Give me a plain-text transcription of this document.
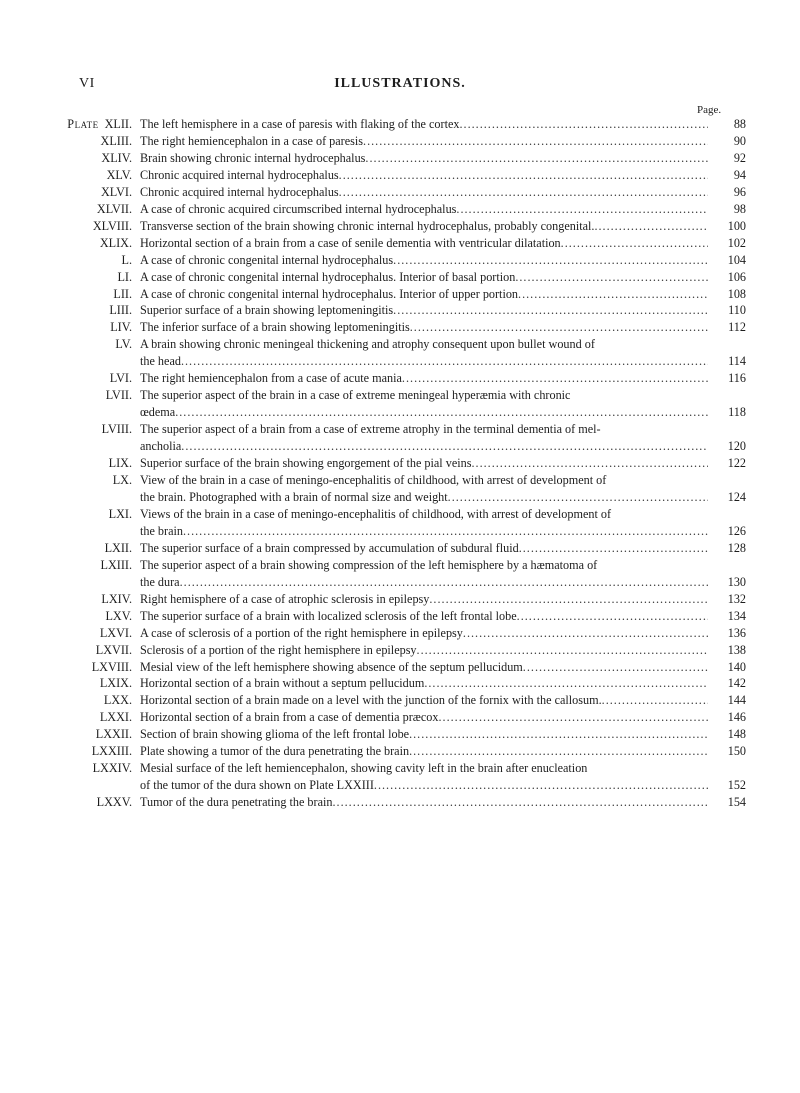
VI	ILLUSTRATIONS.
Page.
Plate XLII. The left hemisphere in a case of paresis with flaking of the cortex .....	88
XLIII. The right hemiencephalon in a case of paresis .....	90
XLIV. Brain showing chronic internal hydrocephalus .....	92
XLV. Chronic acquired internal hydrocephalus .....	94
XLVI. Chronic acquired internal hydrocephalus .....	96
XLVII. A case of chronic acquired circumscribed internal hydrocephalus .....	98
XLVIII. Transverse section of the brain showing chronic internal hydrocephalus, probably congenital. .....	100
XLIX. Horizontal section of a brain from a case of senile dementia with ventricular dilatation .....	102
L. A case of chronic congenital internal hydrocephalus .....	104
LI. A case of chronic congenital internal hydrocephalus. Interior of basal portion .....	106
LII. A case of chronic congenital internal hydrocephalus. Interior of upper portion .....	108
LIII. Superior surface of a brain showing leptomeningitis .....	110
LIV. The inferior surface of a brain showing leptomeningitis .....	112
LV. A brain showing chronic meningeal thickening and atrophy consequent upon bullet wound of
the head .....	114
LVI. The right hemiencephalon from a case of acute mania .....	116
LVII. The superior aspect of the brain in a case of extreme meningeal hyperæmia with chronic
œdema .....	118
LVIII. The superior aspect of a brain from a case of extreme atrophy in the terminal dementia of mel-
ancholia .....	120
LIX. Superior surface of the brain showing engorgement of the pial veins .....	122
LX. View of the brain in a case of meningo-encephalitis of childhood, with arrest of development of
the brain. Photographed with a brain of normal size and weight .....	124
LXI. Views of the brain in a case of meningo-encephalitis of childhood, with arrest of development of
the brain .....	126
LXII. The superior surface of a brain compressed by accumulation of subdural fluid .....	128
LXIII. The superior aspect of a brain showing compression of the left hemisphere by a hæmatoma of
the dura .....	130
LXIV. Right hemisphere of a case of atrophic sclerosis in epilepsy .....	132
LXV. The superior surface of a brain with localized sclerosis of the left frontal lobe .....	134
LXVI. A case of sclerosis of a portion of the right hemisphere in epilepsy .....	136
LXVII. Sclerosis of a portion of the right hemisphere in epilepsy .....	138
LXVIII. Mesial view of the left hemisphere showing absence of the septum pellucidum .....	140
LXIX. Horizontal section of a brain without a septum pellucidum .....	142
LXX. Horizontal section of a brain made on a level with the junction of the fornix with the callosum. .....	144
LXXI. Horizontal section of a brain from a case of dementia præcox .....	146
LXXII. Section of brain showing glioma of the left frontal lobe .....	148
LXXIII. Plate showing a tumor of the dura penetrating the brain .....	150
LXXIV. Mesial surface of the left hemiencephalon, showing cavity left in the brain after enucleation
of the tumor of the dura shown on Plate LXXIII .....	152
LXXV. Tumor of the dura penetrating the brain .....	154
